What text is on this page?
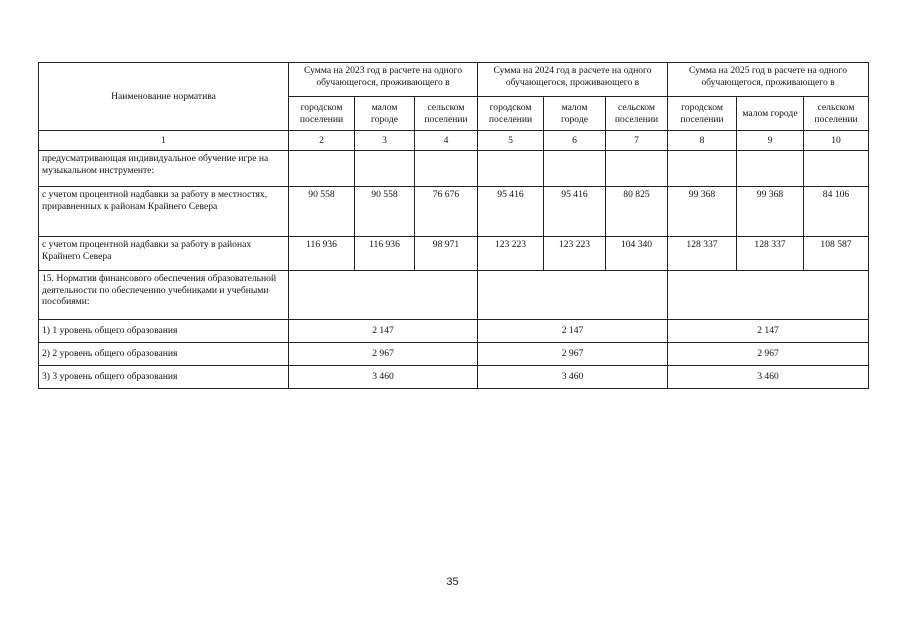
Наименование норматива	Сумма на 2023 год в расчете на одного обучающегося, проживающего в			Сумма на 2024 год в расчете на одного обучающегося, проживающего в			Сумма на 2025 год в расчете на одного обучающегося, проживающего в		
	городском поселении	малом городе	сельском поселении	городском поселении	малом городе	сельском поселении	городском поселении	малом городе	сельском поселении
1	2	3	4	5	6	7	8	9	10
предусматривающая индивидуальное обучение игре на музыкальном инструменте:									
с учетом процентной надбавки за работу в местностях, приравненных к районам Крайнего Севера	90 558	90 558	76 676	95 416	95 416	80 825	99 368	99 368	84 106
с учетом процентной надбавки за работу в районах Крайнего Севера	116 936	116 936	98 971	123 223	123 223	104 340	128 337	128 337	108 587
15. Норматив финансового обеспечения образовательной деятельности по обеспечению учебниками и учебными пособиями:									
1) 1 уровень общего образования	2 147			2 147			2 147		
2) 2 уровень общего образования	2 967			2 967			2 967		
3) 3 уровень общего образования	3 460			3 460			3 460		
35
